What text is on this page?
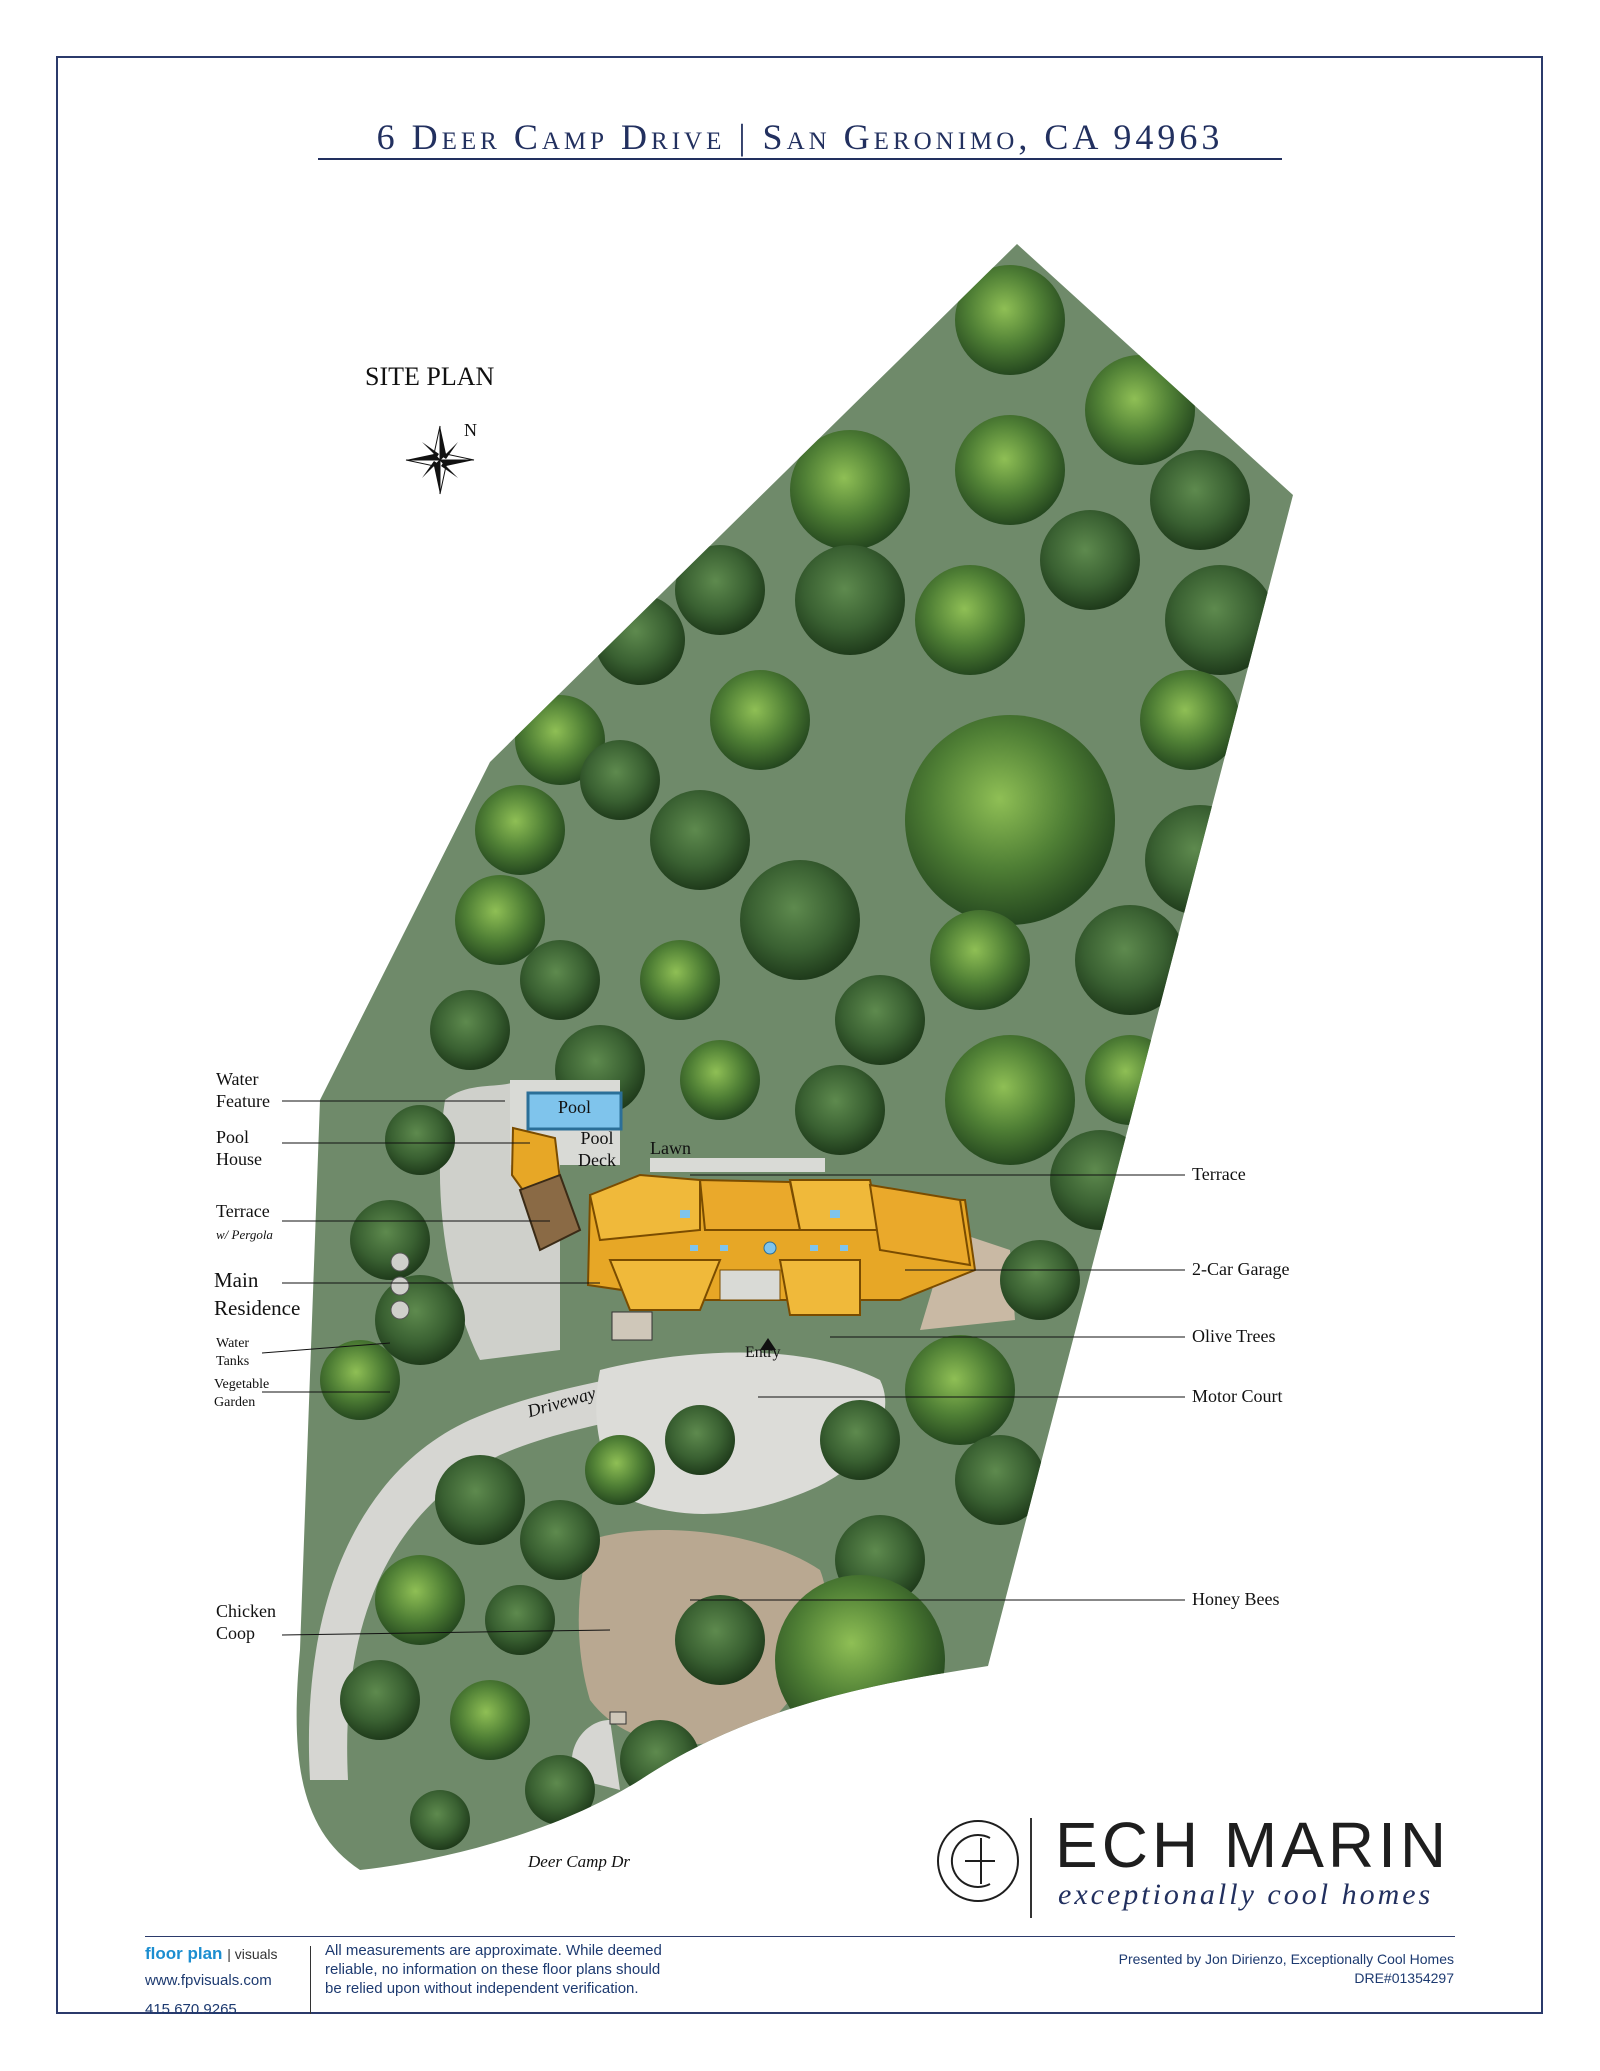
6 Deer Camp Drive | San Geronimo, CA 94963
SITE PLAN
N
Water
Feature
Pool
House
Terrace
w/ Pergola
Main
Residence
Water
Tanks
Vegetable
Garden
Chicken
Coop
Terrace
2-Car Garage
Olive Trees
Motor Court
Honey Bees
Pool
Pool
Deck
Lawn
Entry
Driveway
Deer Camp Dr	ECH MARIN
exceptionally cool homes
floor plan | visuals
www.fpvisuals.com
415.670.9265
All measurements are approximate. While deemed reliable, no information on these floor plans should be relied upon without independent verification.
Presented by Jon Dirienzo, Exceptionally Cool Homes
DRE#01354297
